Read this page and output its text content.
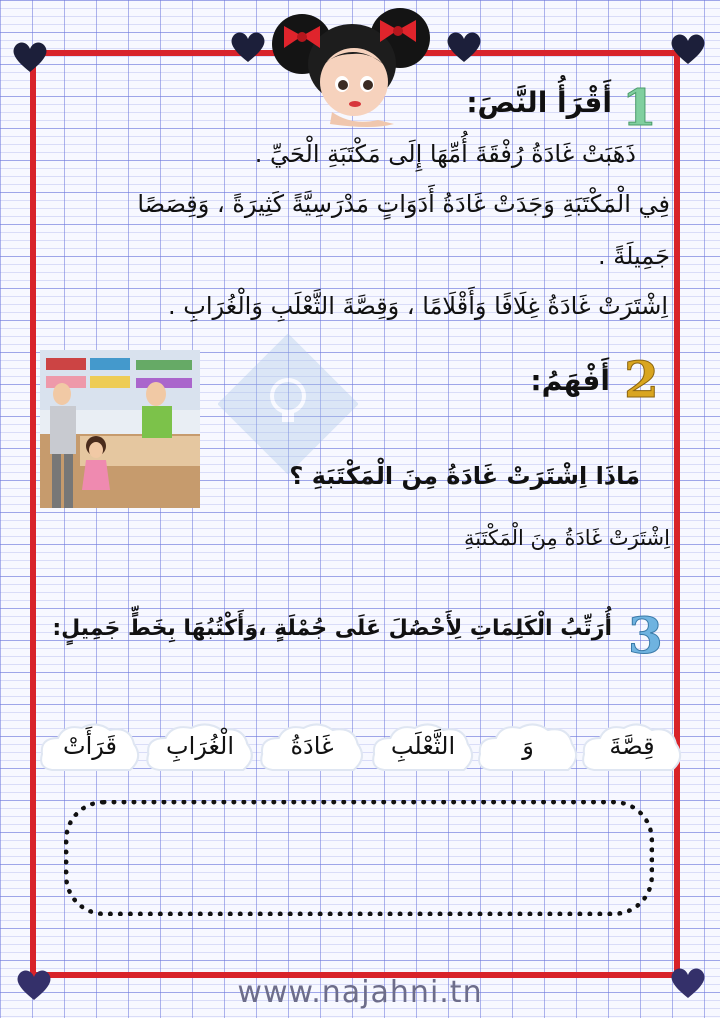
1
أَقْرَأُ النَّصَ:
ذَهَبَتْ غَادَةُ رُفْقَةَ أُمِّهَا إِلَى مَكْتَبَةِ الْحَيِّ .
فِي الْمَكْتَبَةِ وَجَدَتْ غَادَةُ أَدَوَاتٍ مَدْرَسِيَّةً كَثِيرَةً ، وَقِصَصًا
جَمِيلَةً .
اِشْتَرَتْ غَادَةُ غِلَافًا وَأَقْلَامًا ، وَقِصَّةَ الثَّعْلَبِ وَالْغُرَابِ .
2
أَفْهَمُ:
مَاذَا اِشْتَرَتْ غَادَةُ مِنَ الْمَكْتَبَةِ ؟
اِشْتَرَتْ غَادَةُ مِنَ الْمَكْتَبَةِ
3
أُرَتِّبُ الْكَلِمَاتِ لِأَحْصُلَ عَلَى جُمْلَةٍ ،وَأَكْتُبُهَا بِخَطٍّ جَمِيلٍ:
قِصَّةَ
وَ
الثَّعْلَبِ
غَادَةُ
الْغُرَابِ
قَرَأَتْ
www.najahni.tn
